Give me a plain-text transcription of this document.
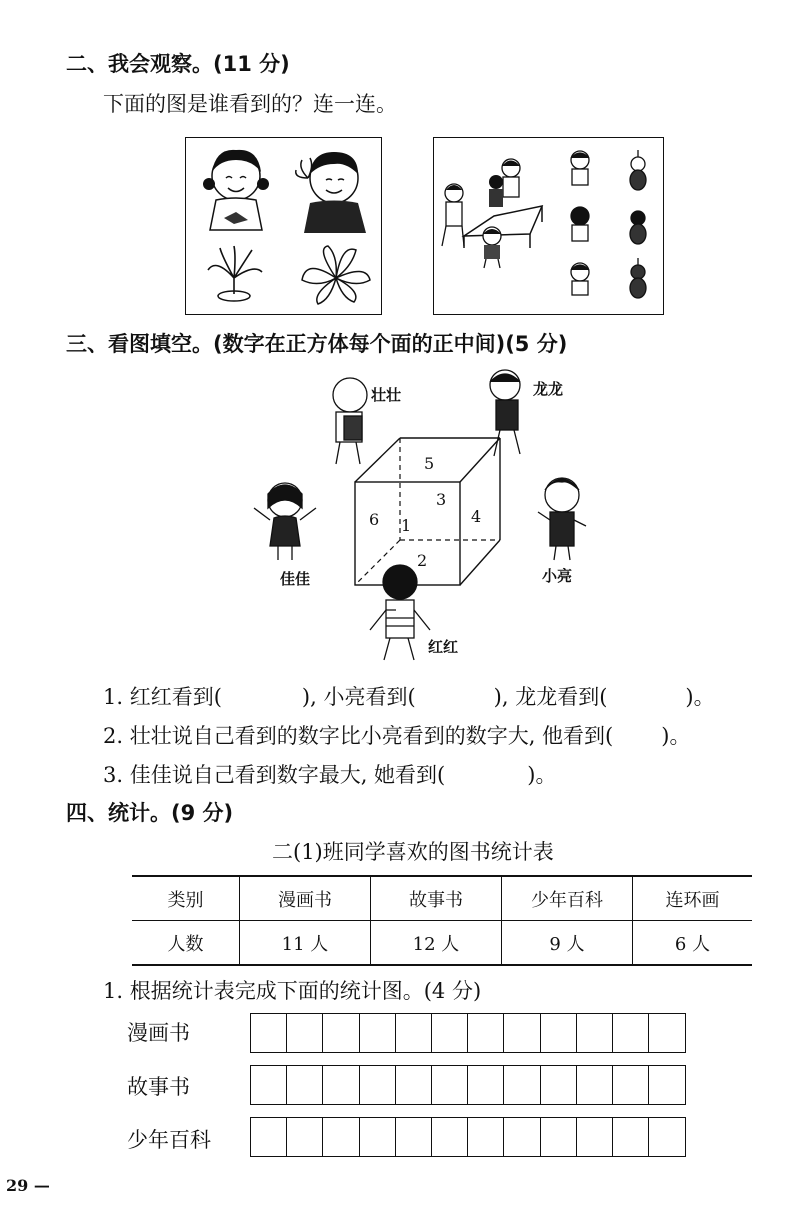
二、我会观察。(11 分)
下面的图是谁看到的？连一连。
三、看图填空。(数字在正方体每个面的正中间)(5 分)
5
3
6 1	4
2
壮壮	龙龙
佳佳	小亮
红红
1. 红红看到(	), 小亮看到(	), 龙龙看到(	)。
2. 壮壮说自己看到的数字比小亮看到的数字大, 他看到( )。
3. 佳佳说自己看到数字最大, 她看到(	)。
四、统计。(9 分)
二(1)班同学喜欢的图书统计表
类别	漫画书	故事书	少年百科	连环画
人数	11 人	12 人	9 人	6 人
1. 根据统计表完成下面的统计图。(4 分)
漫画书
故事书
少年百科
29 —
